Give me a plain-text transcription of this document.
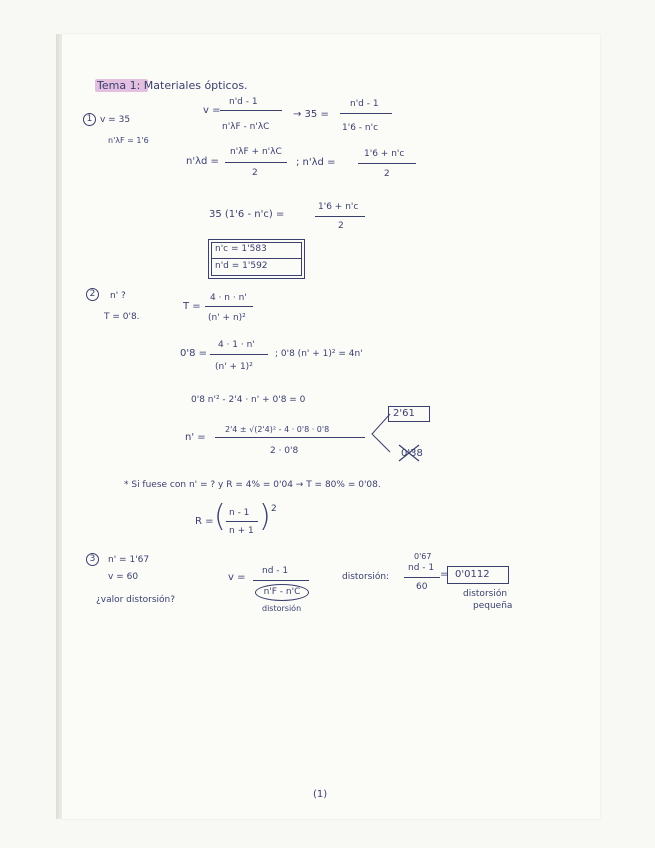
Tema 1: Materiales ópticos.
1 v = 35
n'λF = 1'6
v =
n'd - 1
n'λF - n'λC
→ 35 =
n'd - 1
1'6 - n'c
n'λd =
n'λF + n'λC
2
; n'λd =
1'6 + n'c
2
35 (1'6 - n'c) =
1'6 + n'c
2
n'c = 1'583
n'd = 1'592
2	n' ?
T = 0'8.
T =
4 · n · n'
(n' + n)²
0'8 =
4 · 1 · n'
(n' + 1)²
; 0'8 (n' + 1)² = 4n'
0'8 n'² - 2'4 · n' + 0'8 = 0
n' =
2'4 ± √(2'4)² - 4 · 0'8 · 0'8
2 · 0'8
2'61
0'38
* Si fuese con n' = ? y R = 4% = 0'04 → T = 80% = 0'08.
R = ( n - 1
n + 1 ) 2
3	n' = 1'67
v = 60
¿valor distorsión?
v =
nd - 1
n'F - n'C
distorsión
distorsión:
0'67
nd - 1
60
= 0'0112
distorsión
pequeña
(1)
